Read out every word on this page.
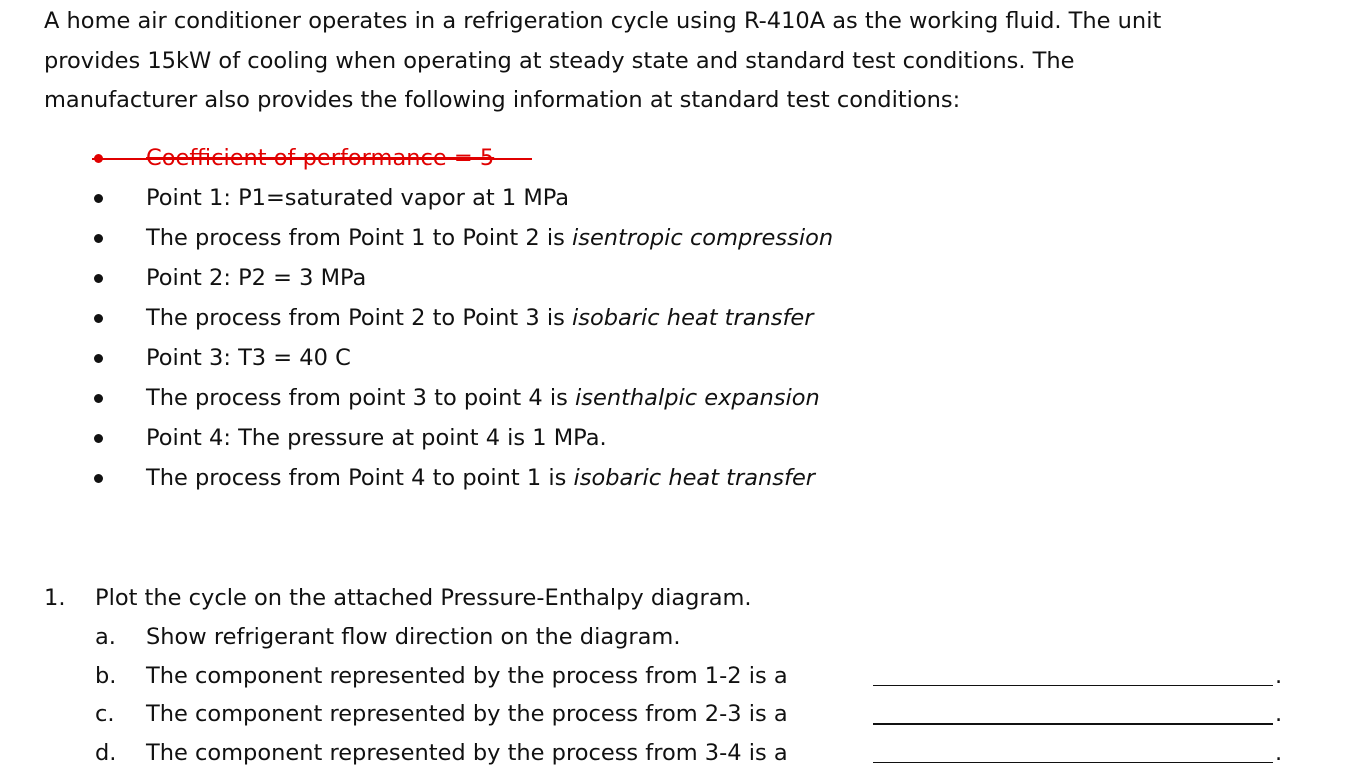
A home air conditioner operates in a refrigeration cycle using R-410A as the working fluid. The unit
provides 15kW of cooling when operating at steady state and standard test conditions. The
manufacturer also provides the following information at standard test conditions:
Coefficient of performance = 5
Point 1: P1=saturated vapor at 1 MPa
The process from Point 1 to Point 2 is isentropic compression
Point 2: P2 = 3 MPa
The process from Point 2 to Point 3 is isobaric heat transfer
Point 3: T3 = 40 C
The process from point 3 to point 4 is isenthalpic expansion
Point 4: The pressure at point 4 is 1 MPa.
The process from Point 4 to point 1 is isobaric heat transfer
1. Plot the cycle on the attached Pressure-Enthalpy diagram.
a. Show refrigerant flow direction on the diagram.
b. The component represented by the process from 1-2 is a	.
c. The component represented by the process from 2-3 is a	.
d. The component represented by the process from 3-4 is a	.
